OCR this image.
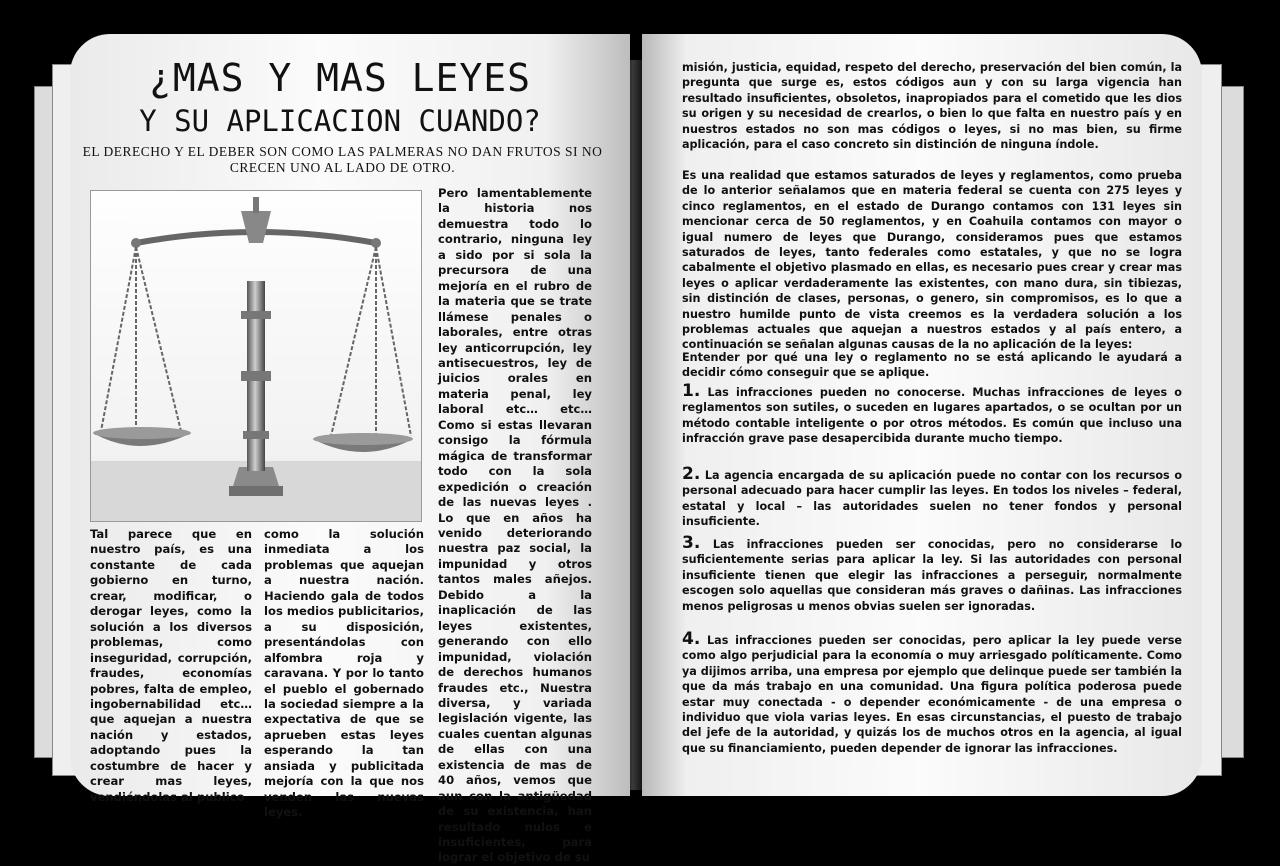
¿MAS Y MAS LEYES
Y SU APLICACION CUANDO?

EL DERECHO Y EL DEBER SON COMO LAS PALMERAS NO DAN FRUTOS SI NO CRECEN UNO AL LADO DE OTRO.

Tal parece que en nuestro país, es una constante de cada gobierno en turno, crear, modificar, o derogar leyes, como la solución a los diversos problemas, como inseguridad, corrupción, fraudes, economías pobres, falta de empleo, ingobernabilidad etc… que aquejan a nuestra nación y estados, adoptando pues la costumbre de hacer y crear mas leyes, vendiéndolas al publico

como la solución inmediata a los problemas que aquejan a nuestra nación. Haciendo gala de todos los medios publicitarios, a su disposición, presentándolas con alfombra roja y caravana. Y por lo tanto el pueblo el gobernado la sociedad siempre a la expectativa de que se aprueben estas leyes esperando la tan ansiada y publicitada mejoría con la que nos venden las nuevas leyes.

Pero lamentablemente la historia nos demuestra todo lo contrario, ninguna ley a sido por si sola la precursora de una mejoría en el rubro de la materia que se trate llámese penales o laborales, entre otras ley anticorrupción, ley antisecuestros, ley de juicios orales en materia penal, ley laboral etc… etc… Como si estas llevaran consigo la fórmula mágica de transformar todo con la sola expedición o creación de las nuevas leyes . Lo que en años ha venido deteriorando nuestra paz social, la impunidad y otros tantos males añejos. Debido a la inaplicación de las leyes existentes, generando con ello impunidad, violación de derechos humanos fraudes etc., Nuestra diversa, y variada legislación vigente, las cuales cuentan algunas de ellas con una existencia de mas de 40 años, vemos que aun con la antigüedad de su existencia, han resultado nulos e insuficientes, para lograr el objetivo de su

misión, justicia, equidad, respeto del derecho, preservación del bien común, la pregunta que surge es, estos códigos aun y con su larga vigencia han resultado insuficientes, obsoletos, inapropiados para el cometido que les dios su origen y su necesidad de crearlos, o bien lo que falta en nuestro país y en nuestros estados no son mas códigos o leyes, si no mas bien, su firme aplicación, para el caso concreto sin distinción de ninguna índole.

Es una realidad que estamos saturados de leyes y reglamentos, como prueba de lo anterior señalamos que en materia federal se cuenta con 275 leyes y cinco reglamentos, en el estado de Durango contamos con 131 leyes sin mencionar cerca de 50 reglamentos, y en Coahuila contamos con mayor o igual numero de leyes que Durango, consideramos pues que estamos saturados de leyes, tanto federales como estatales, y que no se logra cabalmente el objetivo plasmado en ellas, es necesario pues crear y crear mas leyes o aplicar verdaderamente las existentes, con mano dura, sin tibiezas, sin distinción de clases, personas, o genero, sin compromisos, es lo que a nuestro humilde punto de vista creemos es la verdadera solución a los problemas actuales que aquejan a nuestros estados y al país entero, a continuación se señalan algunas causas de la no aplicación de la leyes:

Entender por qué una ley o reglamento no se está aplicando le ayudará a decidir cómo conseguir que se aplique.

1. Las infracciones pueden no conocerse. Muchas infracciones de leyes o reglamentos son sutiles, o suceden en lugares apartados, o se ocultan por un método contable inteligente o por otros métodos. Es común que incluso una infracción grave pase desapercibida durante mucho tiempo.

2. La agencia encargada de su aplicación puede no contar con los recursos o personal adecuado para hacer cumplir las leyes. En todos los niveles – federal, estatal y local – las autoridades suelen no tener fondos y personal insuficiente.

3. Las infracciones pueden ser conocidas, pero no considerarse lo suficientemente serias para aplicar la ley. Si las autoridades con personal insuficiente tienen que elegir las infracciones a perseguir, normalmente escogen solo aquellas que consideran más graves o dañinas. Las infracciones menos peligrosas u menos obvias suelen ser ignoradas.

4. Las infracciones pueden ser conocidas, pero aplicar la ley puede verse como algo perjudicial para la economía o muy arriesgado políticamente. Como ya dijimos arriba, una empresa por ejemplo que delinque puede ser también la que da más trabajo en una comunidad. Una figura política poderosa puede estar muy conectada - o depender económicamente - de una empresa o individuo que viola varias leyes. En esas circunstancias, el puesto de trabajo del jefe de la autoridad, y quizás los de muchos otros en la agencia, al igual que su financiamiento, pueden depender de ignorar las infracciones.
